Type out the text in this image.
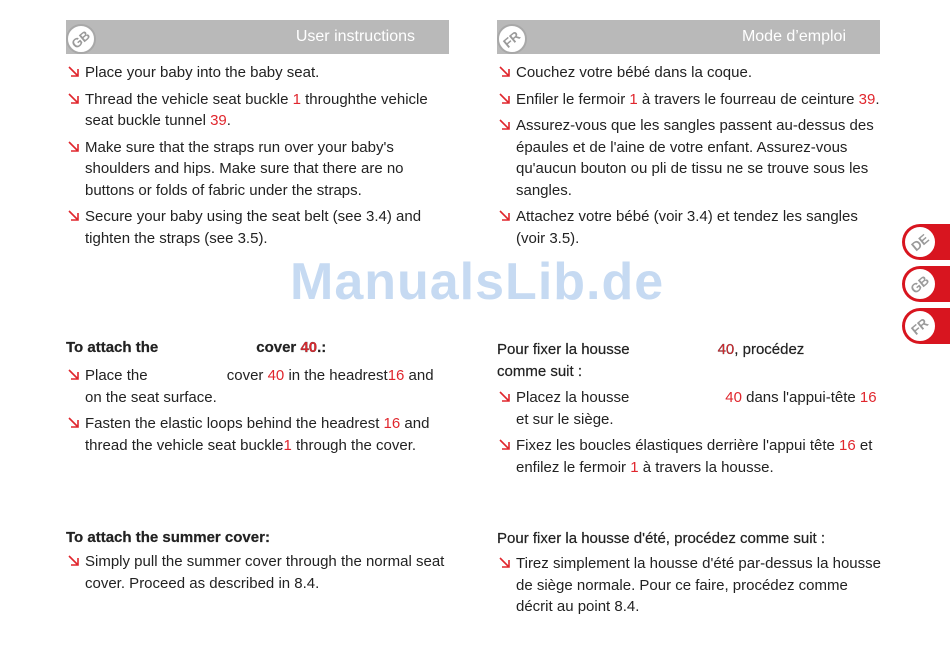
User instructions
GB	Mode d’emploi
FR
Place your baby into the baby seat.
Thread the vehicle seat buckle 1 throughthe vehicle seat buckle tunnel 39.
Make sure that the straps run over your baby's shoulders and hips. Make sure that there are no buttons or folds of fabric under the straps.
Secure your baby using the seat belt (see 3.4) and tighten the straps (see 3.5).
To attach the	cover 40.:
Place the	cover 40 in the headrest16 and on the seat surface.
Fasten the elastic loops behind the headrest 16 and thread the vehicle seat buckle1 through the cover.
To attach the summer cover:
Simply pull the summer cover through the normal seat cover. Proceed as described in 8.4.
Couchez votre bébé dans la coque.
Enfiler le fermoir 1 à travers le fourreau de ceinture 39.
Assurez-vous que les sangles passent au-dessus des épaules et de l'aine de votre enfant. Assurez-vous qu'aucun bouton ou pli de tissu ne se trouve sous les sangles.
Attachez votre bébé (voir 3.4) et tendez les sangles (voir 3.5).
Pour fixer la housse	40, procédez comme suit :
Placez la housse	40 dans l'appui-tête 16 et sur le siège.
Fixez les boucles élastiques derrière l'appui tête 16 et enfilez le fermoir 1 à travers la housse.
Pour fixer la housse d'été, procédez comme suit :
Tirez simplement la housse d'été par-dessus la housse de siège normale. Pour ce faire, procédez comme décrit au point 8.4.
ManualsLib.de
DE
GB
FR
